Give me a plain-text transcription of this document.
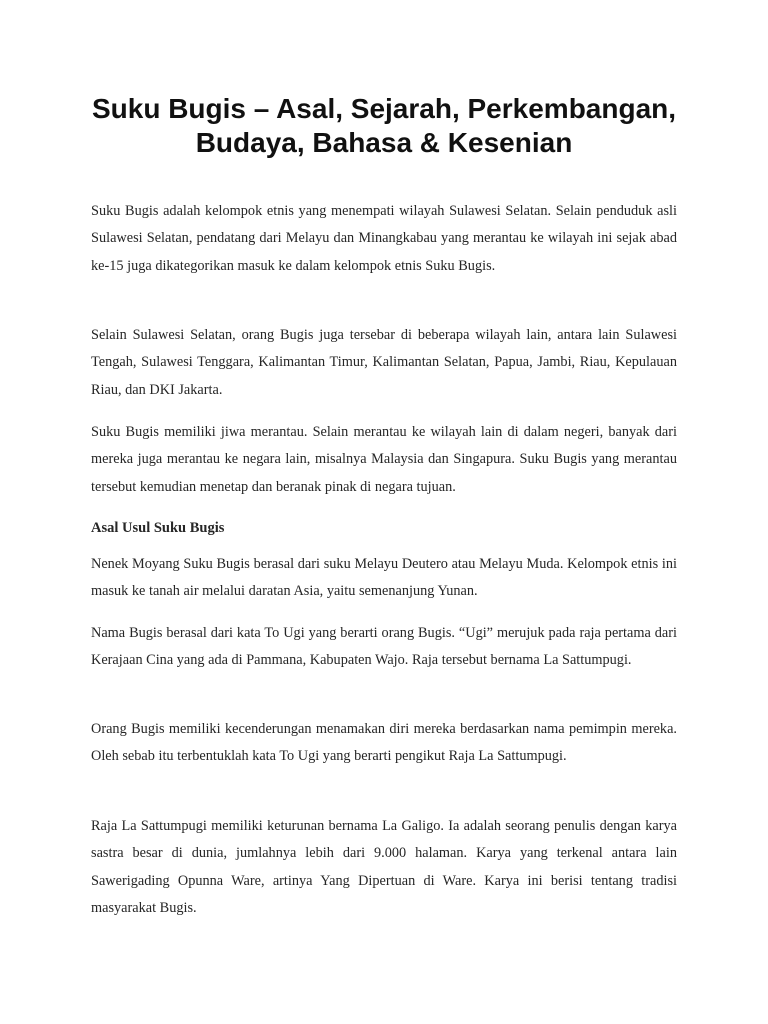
Suku Bugis – Asal, Sejarah, Perkembangan, Budaya, Bahasa & Kesenian

Suku Bugis adalah kelompok etnis yang menempati wilayah Sulawesi Selatan. Selain penduduk asli Sulawesi Selatan, pendatang dari Melayu dan Minangkabau yang merantau ke wilayah ini sejak abad ke-15 juga dikategorikan masuk ke dalam kelompok etnis Suku Bugis.

Selain Sulawesi Selatan, orang Bugis juga tersebar di beberapa wilayah lain, antara lain Sulawesi Tengah, Sulawesi Tenggara, Kalimantan Timur, Kalimantan Selatan, Papua, Jambi, Riau, Kepulauan Riau, dan DKI Jakarta.

Suku Bugis memiliki jiwa merantau. Selain merantau ke wilayah lain di dalam negeri, banyak dari mereka juga merantau ke negara lain, misalnya Malaysia dan Singapura. Suku Bugis yang merantau tersebut kemudian menetap dan beranak pinak di negara tujuan.

Asal Usul Suku Bugis

Nenek Moyang Suku Bugis berasal dari suku Melayu Deutero atau Melayu Muda. Kelompok etnis ini masuk ke tanah air melalui daratan Asia, yaitu semenanjung Yunan.

Nama Bugis berasal dari kata To Ugi yang berarti orang Bugis. “Ugi” merujuk pada raja pertama dari Kerajaan Cina yang ada di Pammana, Kabupaten Wajo. Raja tersebut bernama La Sattumpugi.

Orang Bugis memiliki kecenderungan menamakan diri mereka berdasarkan nama pemimpin mereka. Oleh sebab itu terbentuklah kata To Ugi yang berarti pengikut Raja La Sattumpugi.

Raja La Sattumpugi memiliki keturunan bernama La Galigo. Ia adalah seorang penulis dengan karya sastra besar di dunia, jumlahnya lebih dari 9.000 halaman. Karya yang terkenal antara lain Sawerigading Opunna Ware, artinya Yang Dipertuan di Ware. Karya ini berisi tentang tradisi masyarakat Bugis.
